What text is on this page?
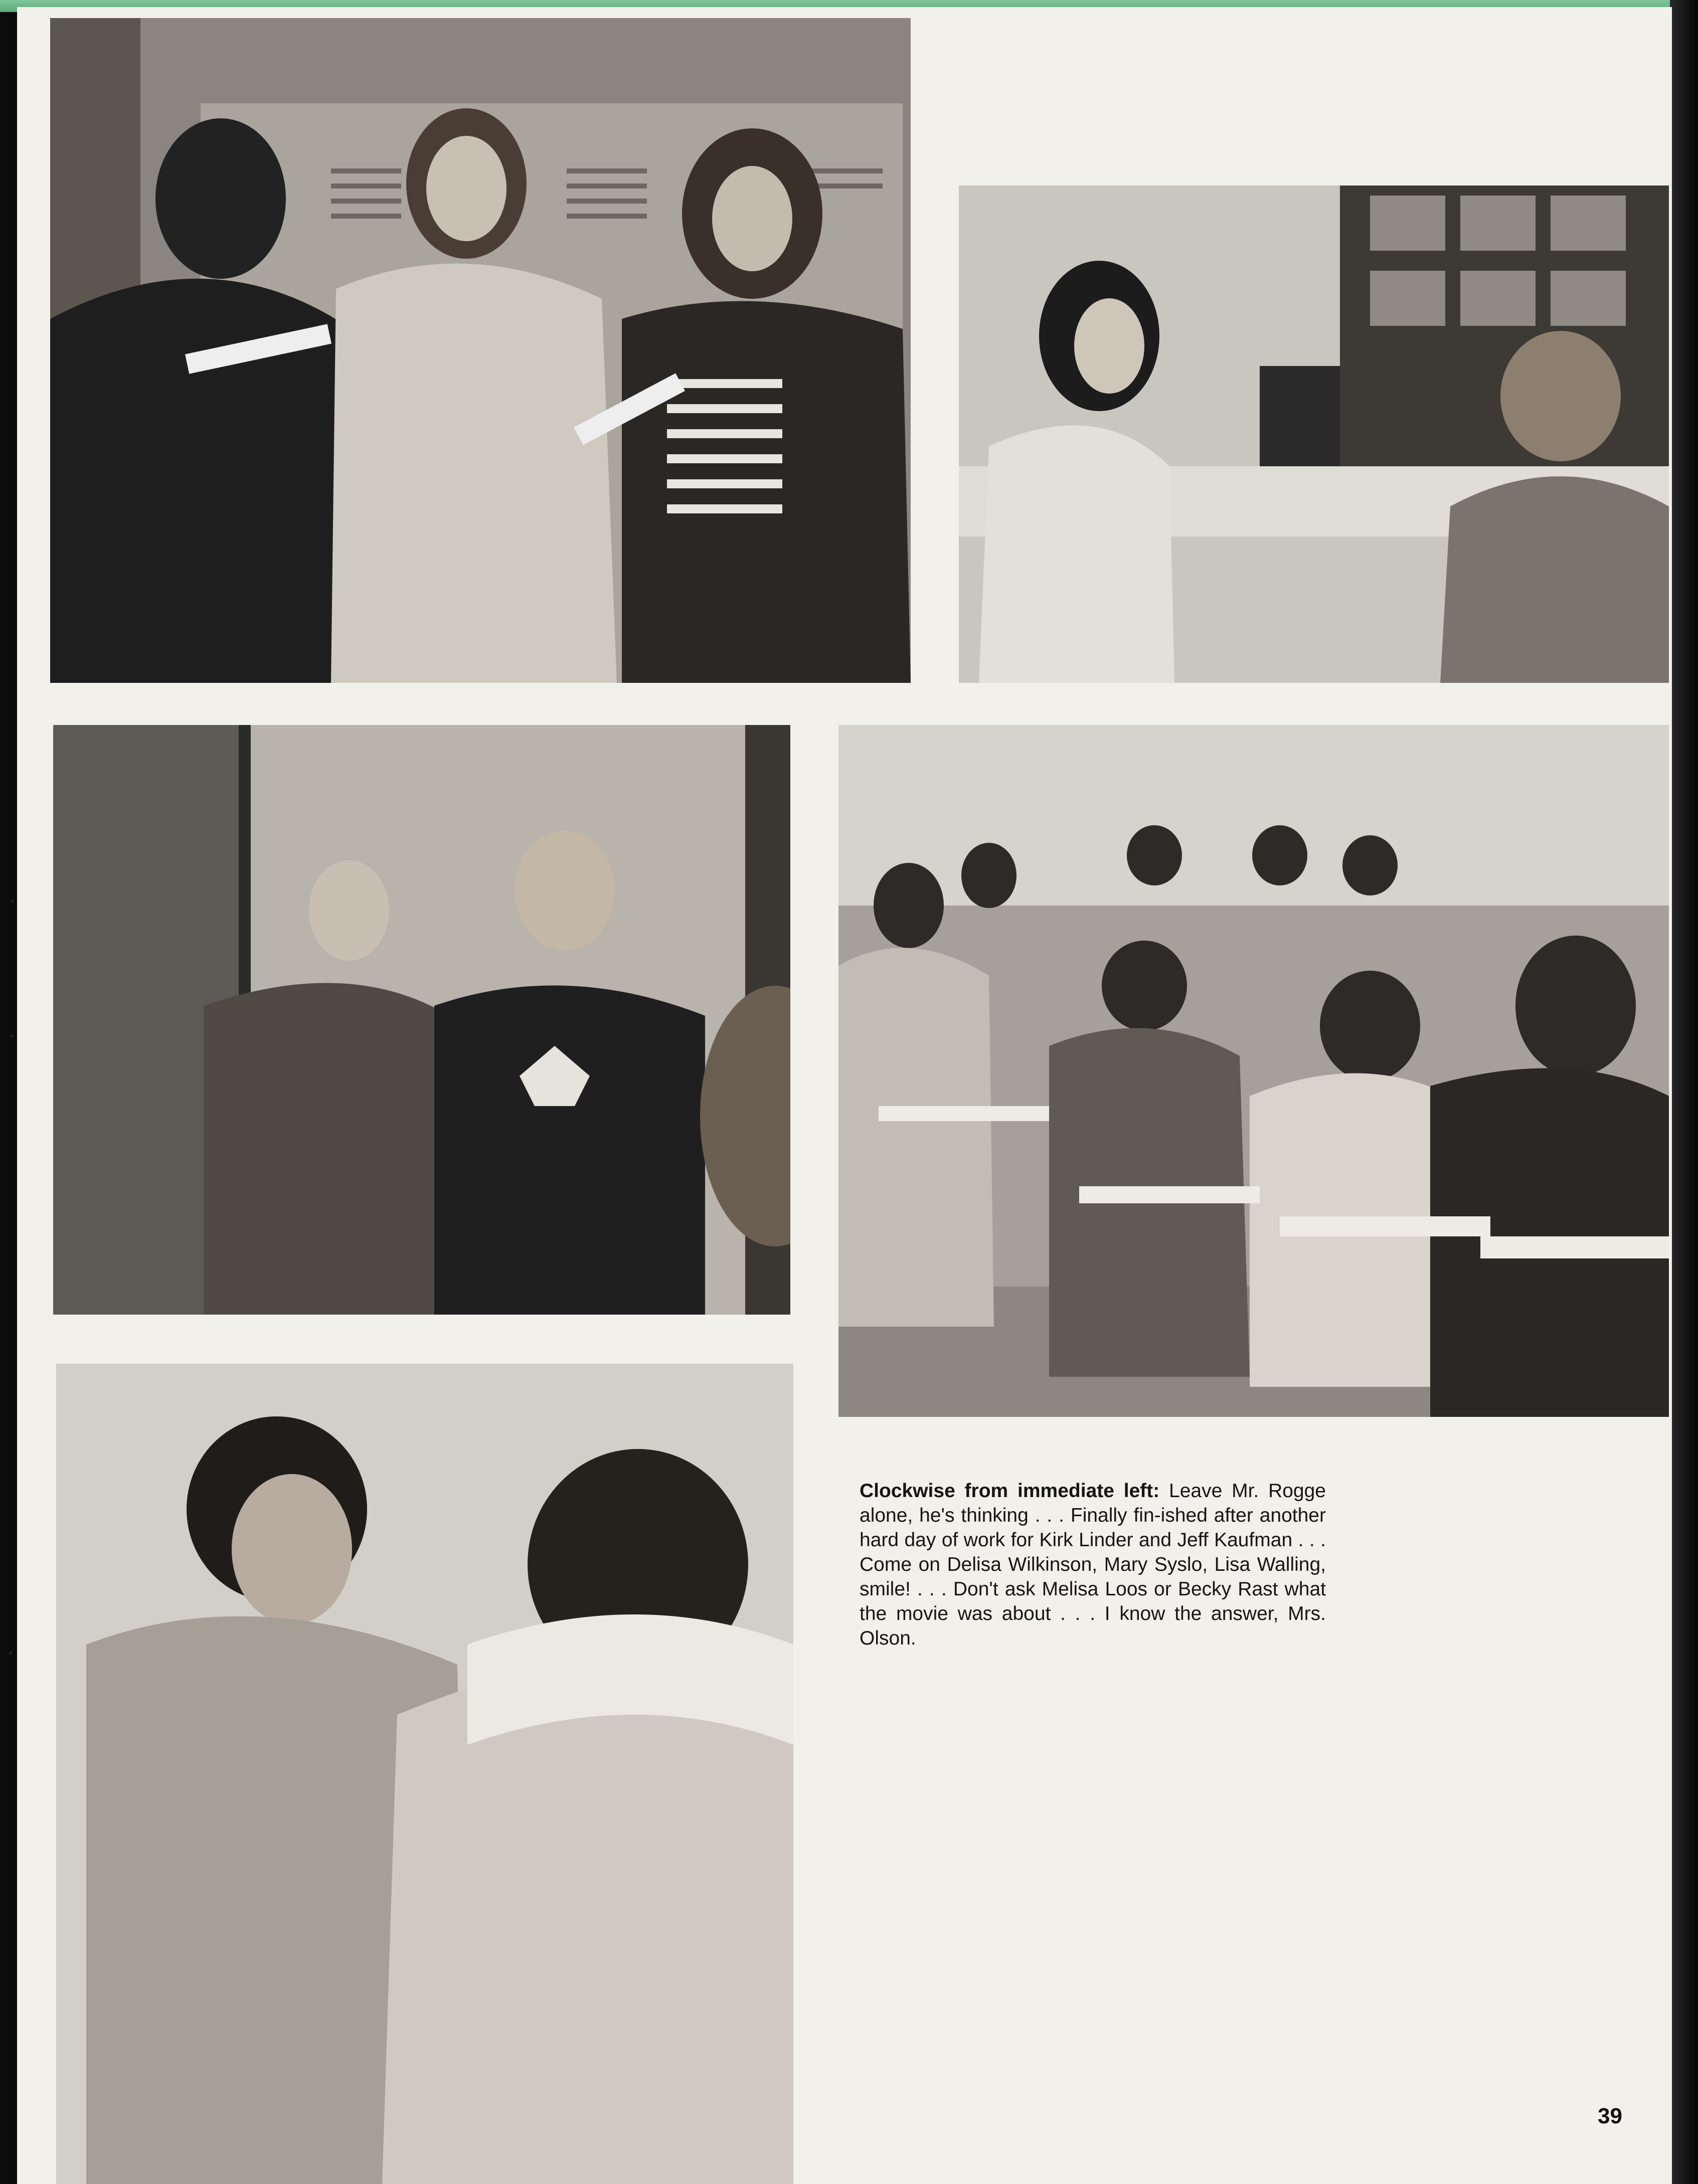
Clockwise from immediate left: Leave Mr. Rogge alone, he's thinking . . . Finally fin-ished after another hard day of work for Kirk Linder and Jeff Kaufman . . . Come on Delisa Wilkinson, Mary Syslo, Lisa Walling, smile! . . . Don't ask Melisa Loos or Becky Rast what the movie was about . . . I know the answer, Mrs. Olson.

39
